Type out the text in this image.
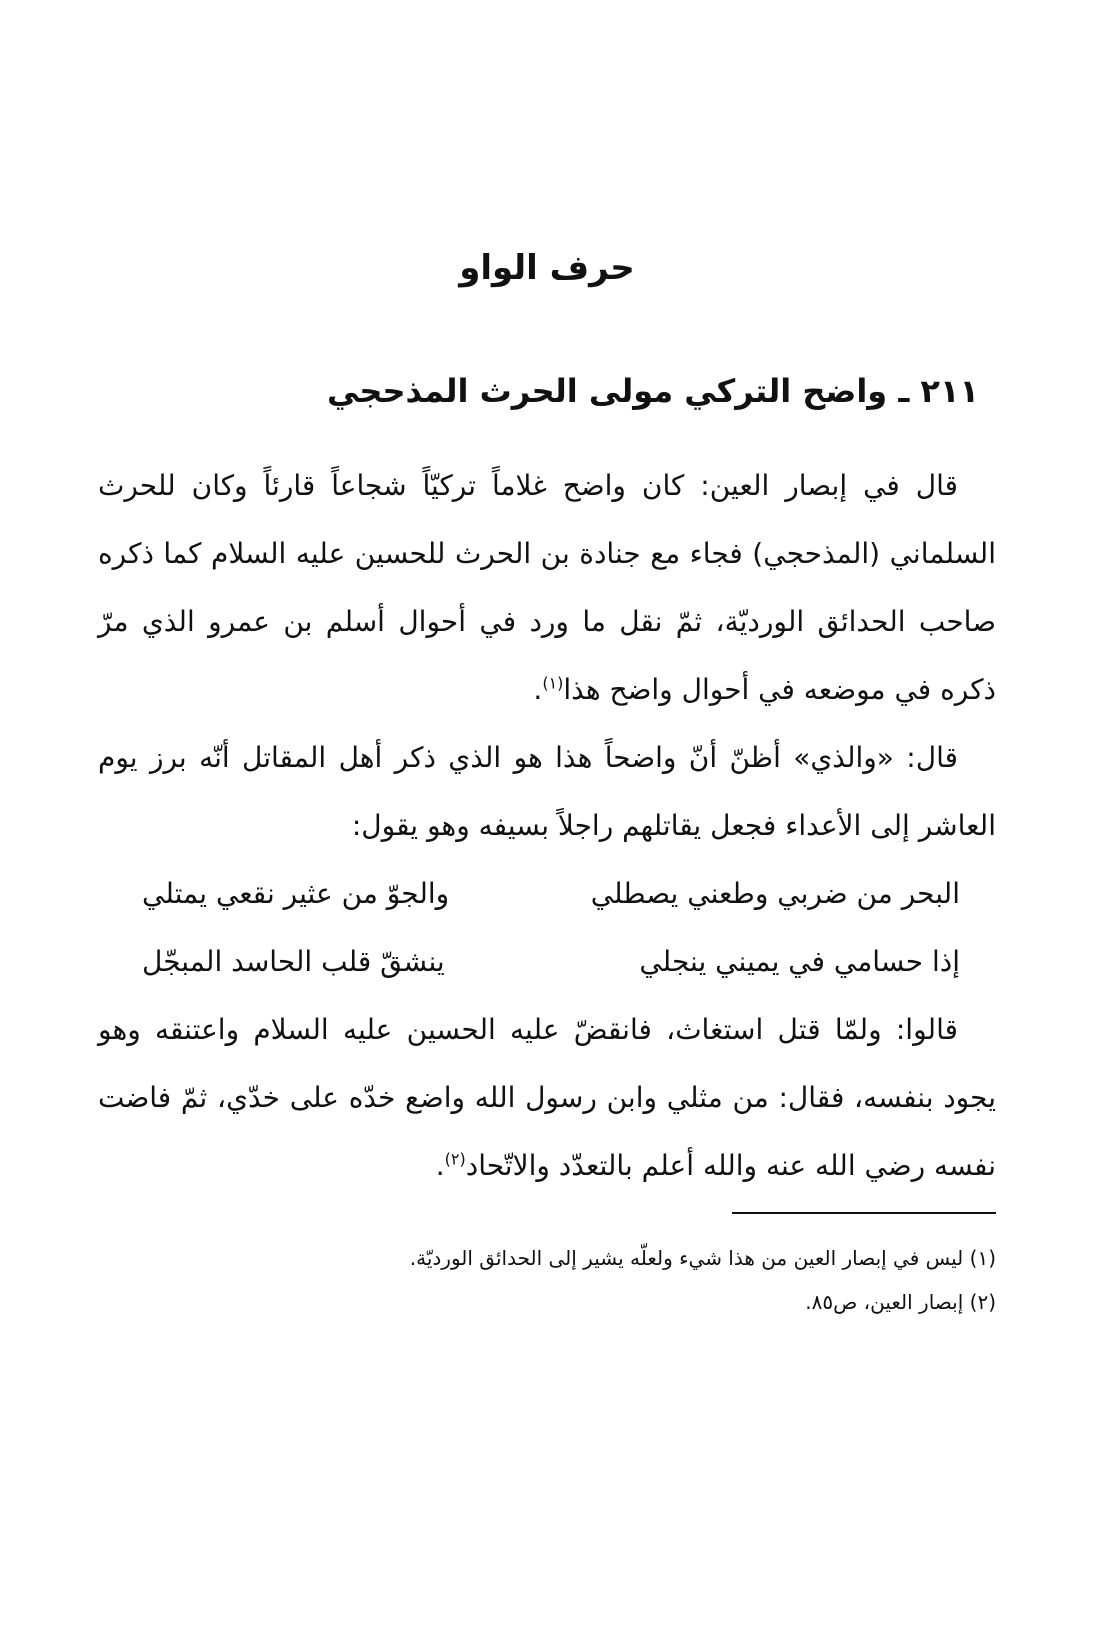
حرف الواو
٢١١ ـ واضح التركي مولى الحرث المذحجي

قال في إبصار العين: كان واضح غلاماً تركيّاً شجاعاً قارئاً وكان للحرث السلماني (المذحجي) فجاء مع جنادة بن الحرث للحسين عليه السلام كما ذكره صاحب الحدائق الورديّة، ثمّ نقل ما ورد في أحوال أسلم بن عمرو الذي مرّ ذكره في موضعه في أحوال واضح هذا$^{(١)}$.

قال: «والذي» أظنّ أنّ واضحاً هذا هو الذي ذكر أهل المقاتل أنّه برز يوم العاشر إلى الأعداء فجعل يقاتلهم راجلاً بسيفه وهو يقول:

البحر من ضربي وطعني يصطلي
والجوّ من عثير نقعي يمتلي
إذا حسامي في يميني ينجلي
ينشقّ قلب الحاسد المبجّل

قالوا: ولمّا قتل استغاث، فانقضّ عليه الحسين عليه السلام واعتنقه وهو يجود بنفسه، فقال: من مثلي وابن رسول الله واضع خدّه على خدّي، ثمّ فاضت نفسه رضي الله عنه والله أعلم بالتعدّد والاتّحاد$^{(٢)}$.

(١) ليس في إبصار العين من هذا شيء ولعلّه يشير إلى الحدائق الورديّة.

(٢) إبصار العين، ص٨٥.
